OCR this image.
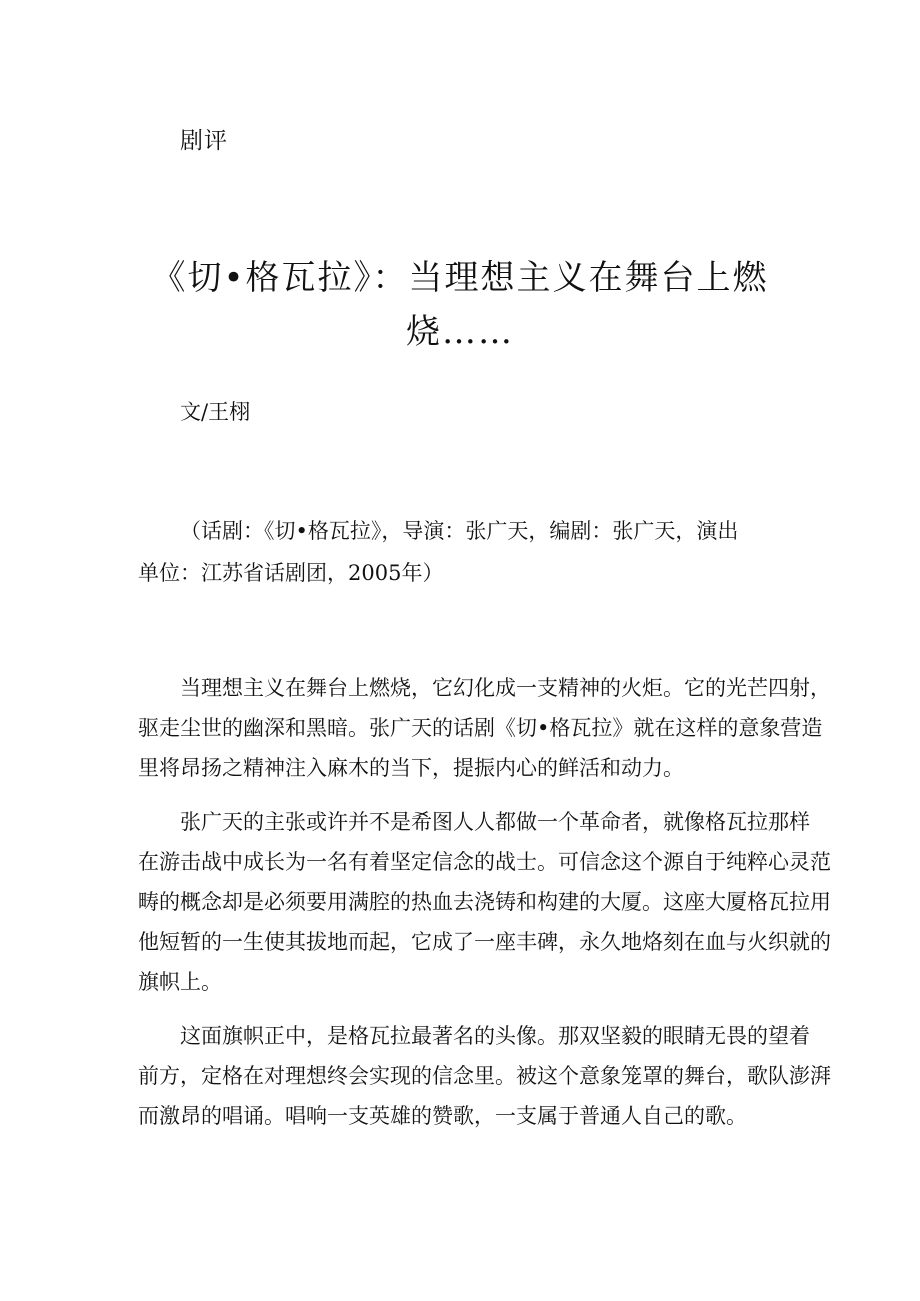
剧评
《切•格瓦拉》：当理想主义在舞台上燃
烧……
文/王栩
（话剧：《切•格瓦拉》，导演：张广天，编剧：张广天，演出
单位：江苏省话剧团，2005年）

当理想主义在舞台上燃烧，它幻化成一支精神的火炬。它的光芒四射，
驱走尘世的幽深和黑暗。张广天的话剧《切•格瓦拉》就在这样的意象营造
里将昂扬之精神注入麻木的当下，提振内心的鲜活和动力。

张广天的主张或许并不是希图人人都做一个革命者，就像格瓦拉那样
在游击战中成长为一名有着坚定信念的战士。可信念这个源自于纯粹心灵范
畴的概念却是必须要用满腔的热血去浇铸和构建的大厦。这座大厦格瓦拉用
他短暂的一生使其拔地而起，它成了一座丰碑，永久地烙刻在血与火织就的
旗帜上。

这面旗帜正中，是格瓦拉最著名的头像。那双坚毅的眼睛无畏的望着
前方，定格在对理想终会实现的信念里。被这个意象笼罩的舞台，歌队澎湃
而激昂的唱诵。唱响一支英雄的赞歌，一支属于普通人自己的歌。
